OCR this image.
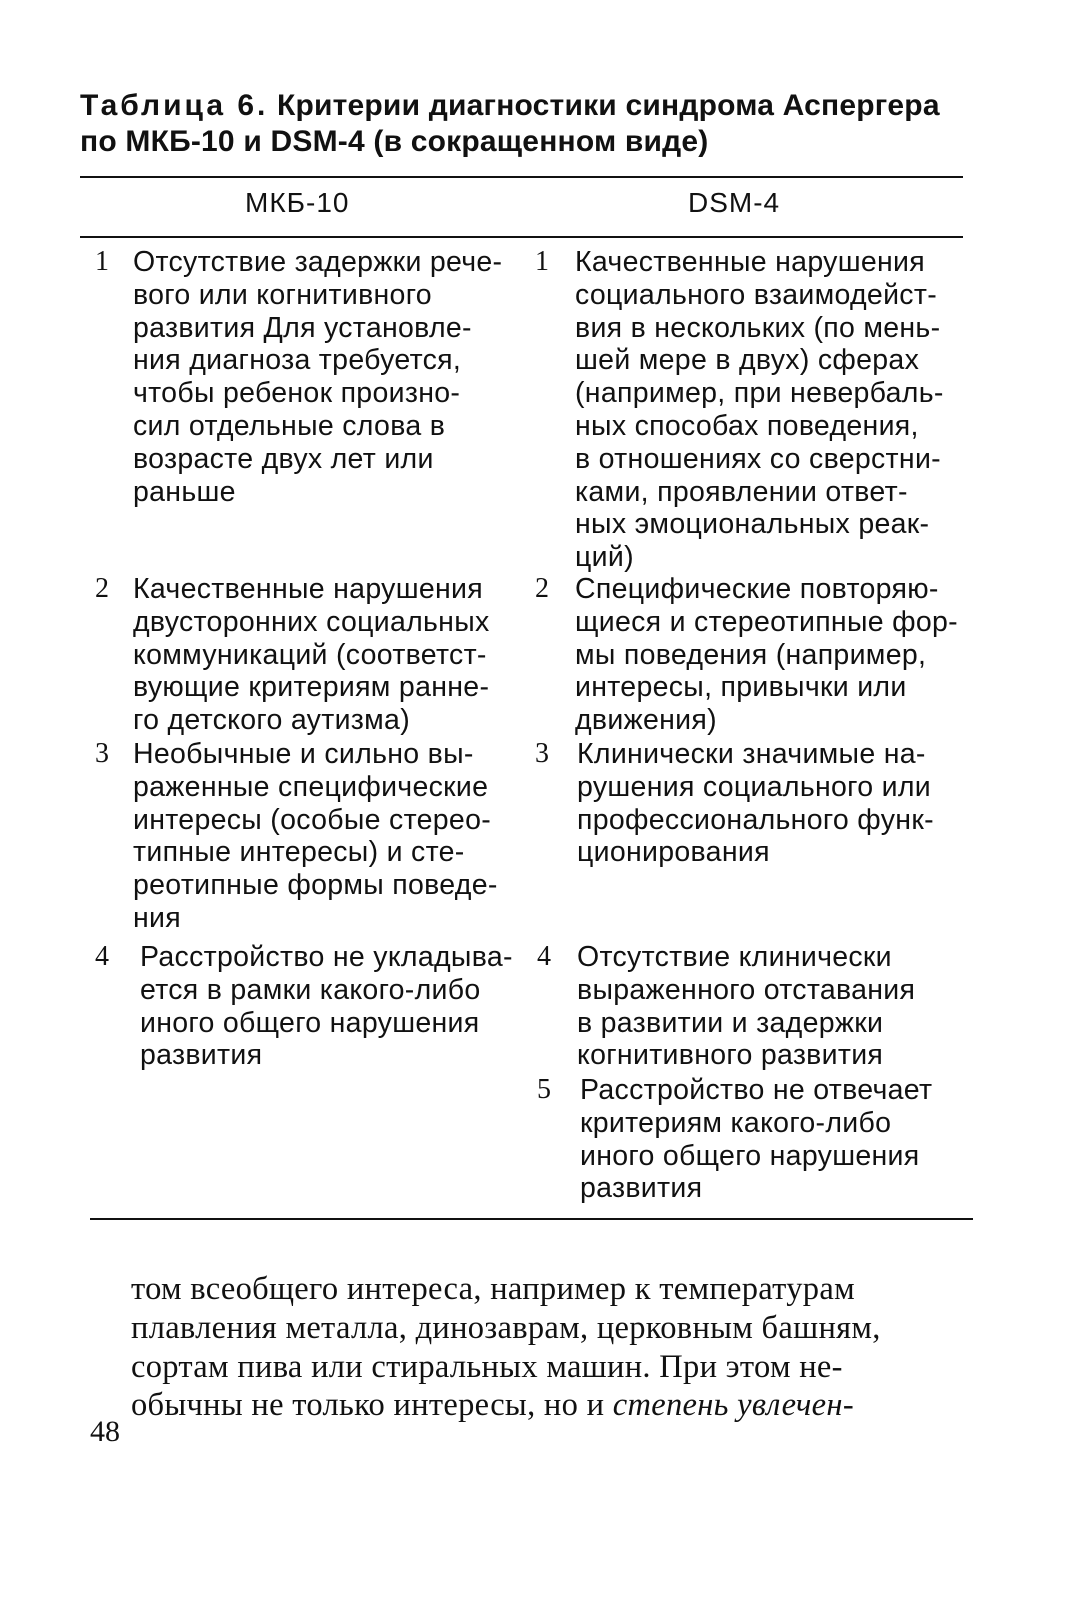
Таблица 6. Критерии диагностики синдрома Аспергера по МКБ-10 и DSM-4 (в сокращенном виде)
МКБ-10	DSM-4
1 Отсутствие задержки рече-
вого или когнитивного
развития Для установле-
ния диагноза требуется,
чтобы ребенок произно-
сил отдельные слова в
возрасте двух лет или
раньше
2 Качественные нарушения
двусторонних социальных
коммуникаций (соответст-
вующие критериям ранне-
го детского аутизма)
3 Необычные и сильно вы-
раженные специфические
интересы (особые стерео-
типные интересы) и сте-
реотипные формы поведе-
ния
4 Расстройство не укладыва-
ется в рамки какого-либо
иного общего нарушения
развития
1 Качественные нарушения
социального взаимодейст-
вия в нескольких (по мень-
шей мере в двух) сферах
(например, при невербаль-
ных способах поведения,
в отношениях со сверстни-
ками, проявлении ответ-
ных эмоциональных реак-
ций)
2 Специфические повторяю-
щиеся и стереотипные фор-
мы поведения (например,
интересы, привычки или
движения)
3 Клинически значимые на-
рушения социального или
профессионального функ-
ционирования
4 Отсутствие клинически
выраженного отставания
в развитии и задержки
когнитивного развития
5 Расстройство не отвечает
критериям какого-либо
иного общего нарушения
развития
том всеобщего интереса, например к температурам
плавления металла, динозаврам, церковным башням,
сортам пива или стиральных машин. При этом не-
обычны не только интересы, но и степень увлечен-
48
